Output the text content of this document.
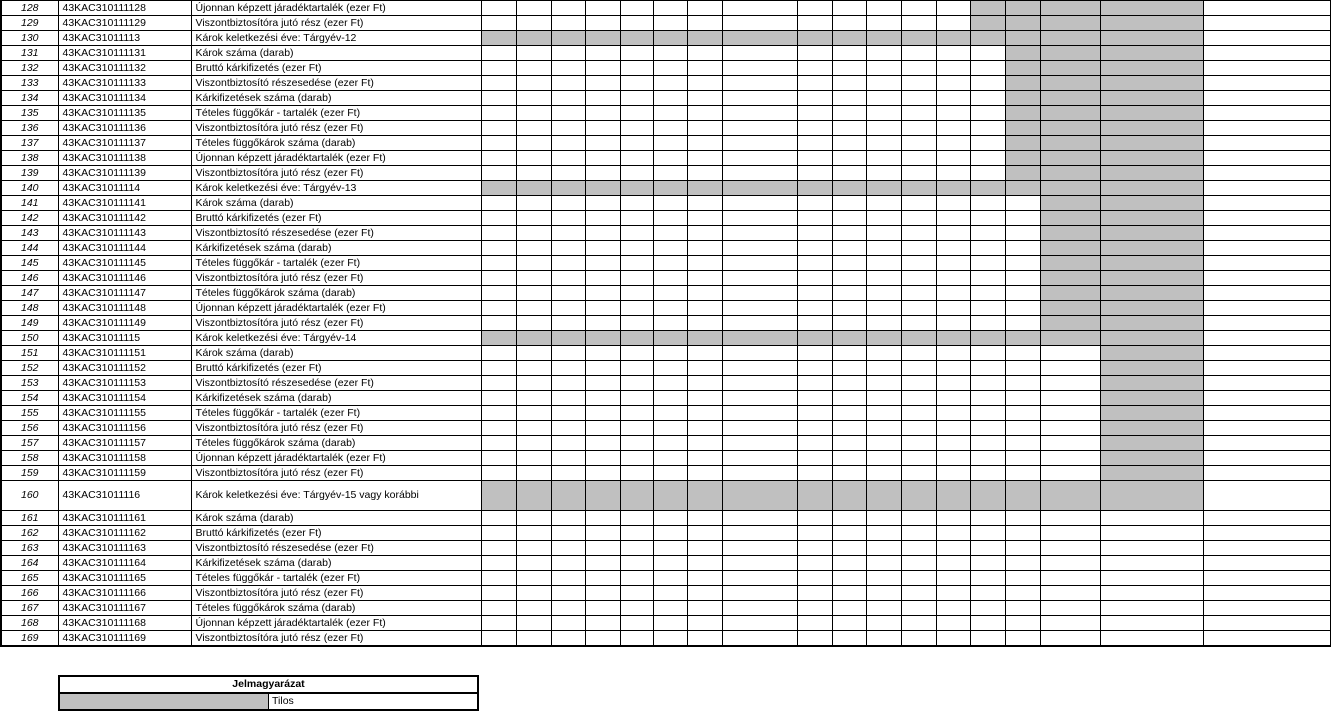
128	43KAC310111128	Újonnan képzett járadéktartalék (ezer Ft)																			
129	43KAC310111129	Viszontbiztosítóra jutó rész (ezer Ft)																			
130	43KAC31011113	Károk keletkezési éve: Tárgyév-12																			
131	43KAC310111131	Károk száma (darab)																			
132	43KAC310111132	Bruttó kárkifizetés (ezer Ft)																			
133	43KAC310111133	Viszontbiztosító részesedése (ezer Ft)																			
134	43KAC310111134	Kárkifizetések száma (darab)																			
135	43KAC310111135	Tételes függőkár - tartalék (ezer Ft)																			
136	43KAC310111136	Viszontbiztosítóra jutó rész (ezer Ft)																			
137	43KAC310111137	Tételes függőkárok száma (darab)																			
138	43KAC310111138	Újonnan képzett járadéktartalék (ezer Ft)																			
139	43KAC310111139	Viszontbiztosítóra jutó rész (ezer Ft)																			
140	43KAC31011114	Károk keletkezési éve: Tárgyév-13																			
141	43KAC310111141	Károk száma (darab)																			
142	43KAC310111142	Bruttó kárkifizetés (ezer Ft)																			
143	43KAC310111143	Viszontbiztosító részesedése (ezer Ft)																			
144	43KAC310111144	Kárkifizetések száma (darab)																			
145	43KAC310111145	Tételes függőkár - tartalék (ezer Ft)																			
146	43KAC310111146	Viszontbiztosítóra jutó rész (ezer Ft)																			
147	43KAC310111147	Tételes függőkárok száma (darab)																			
148	43KAC310111148	Újonnan képzett járadéktartalék (ezer Ft)																			
149	43KAC310111149	Viszontbiztosítóra jutó rész (ezer Ft)																			
150	43KAC31011115	Károk keletkezési éve: Tárgyév-14																			
151	43KAC310111151	Károk száma (darab)																			
152	43KAC310111152	Bruttó kárkifizetés (ezer Ft)																			
153	43KAC310111153	Viszontbiztosító részesedése (ezer Ft)																			
154	43KAC310111154	Kárkifizetések száma (darab)																			
155	43KAC310111155	Tételes függőkár - tartalék (ezer Ft)																			
156	43KAC310111156	Viszontbiztosítóra jutó rész (ezer Ft)																			
157	43KAC310111157	Tételes függőkárok száma (darab)																			
158	43KAC310111158	Újonnan képzett járadéktartalék (ezer Ft)																			
159	43KAC310111159	Viszontbiztosítóra jutó rész (ezer Ft)																			
160	43KAC31011116	Károk keletkezési éve: Tárgyév-15 vagy korábbi																			
161	43KAC310111161	Károk száma (darab)																			
162	43KAC310111162	Bruttó kárkifizetés (ezer Ft)																			
163	43KAC310111163	Viszontbiztosító részesedése (ezer Ft)																			
164	43KAC310111164	Kárkifizetések száma (darab)																			
165	43KAC310111165	Tételes függőkár - tartalék (ezer Ft)																			
166	43KAC310111166	Viszontbiztosítóra jutó rész (ezer Ft)																			
167	43KAC310111167	Tételes függőkárok száma (darab)																			
168	43KAC310111168	Újonnan képzett járadéktartalék (ezer Ft)																			
169	43KAC310111169	Viszontbiztosítóra jutó rész (ezer Ft)																			
Jelmagyarázat
	Tilos
